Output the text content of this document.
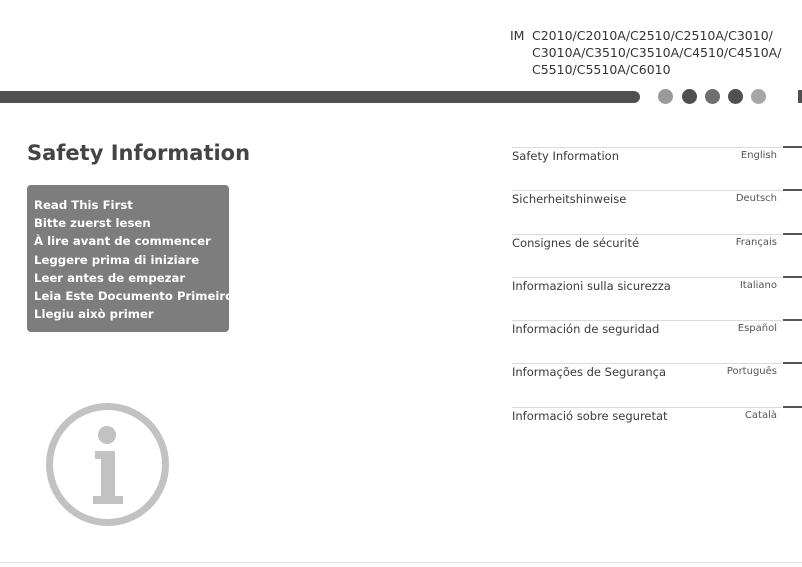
IM C2010/C2010A/C2510/C2510A/C3010/
C3010A/C3510/C3510A/C4510/C4510A/
C5510/C5510A/C6010
Safety Information
Read This First
Bitte zuerst lesen
À lire avant de commencer
Leggere prima di iniziare
Leer antes de empezar
Leia Este Documento Primeiro
Llegiu això primer
Safety Information	English
Sicherheitshinweise	Deutsch
Consignes de sécurité	Français
Informazioni sulla sicurezza	Italiano
Información de seguridad	Español
Informações de Segurança	Português
Informació sobre seguretat	Català
